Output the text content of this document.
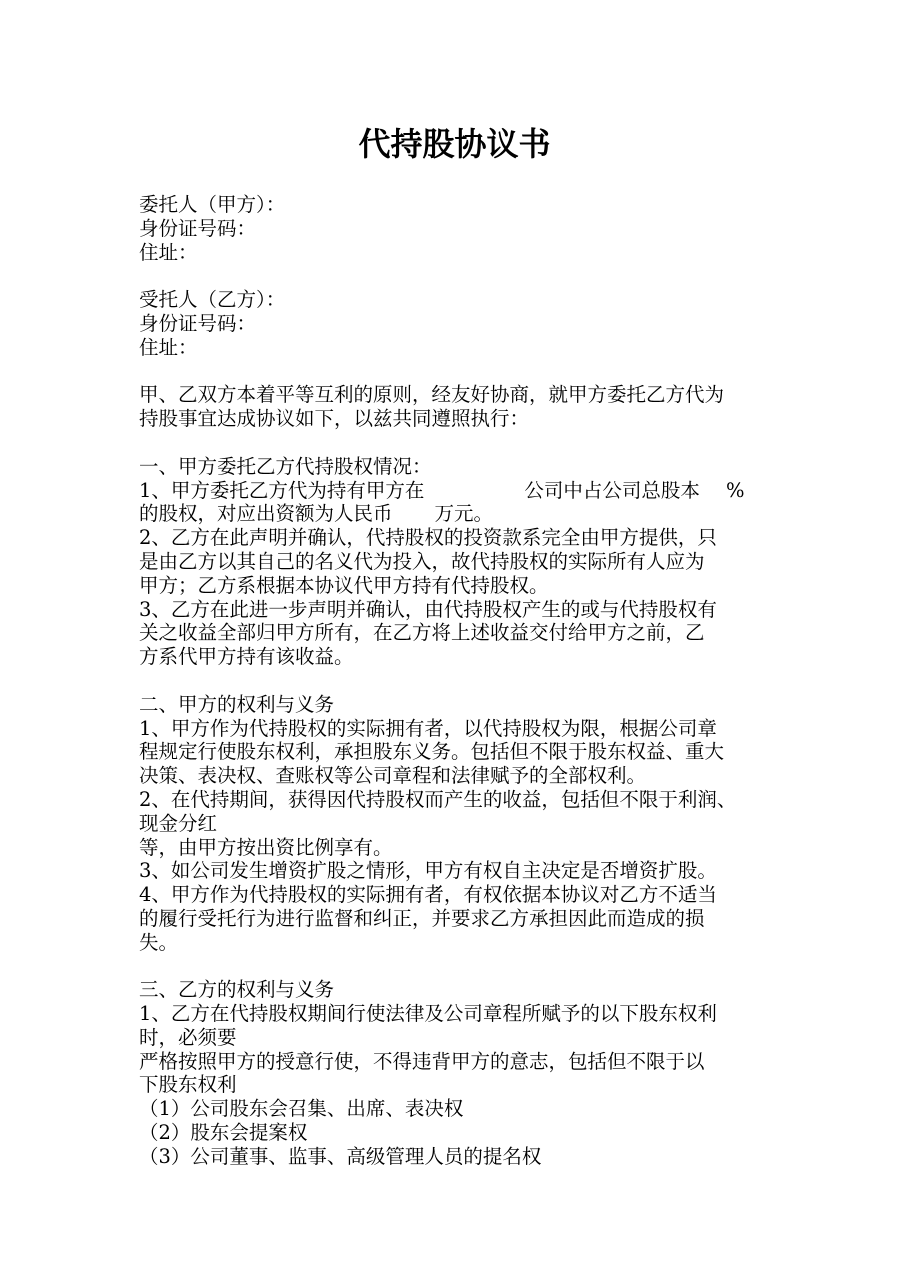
代持股协议书
委托人（甲方）：
身份证号码：
住址：
受托人（乙方）：
身份证号码：
住址：
甲、乙双方本着平等互利的原则，经友好协商，就甲方委托乙方代为
持股事宜达成协议如下，以兹共同遵照执行：
一、甲方委托乙方代持股权情况：
1、甲方委托乙方代为持有甲方在	公司中占公司总股本 %
的股权，对应出资额为人民币 万元。
2、乙方在此声明并确认，代持股权的投资款系完全由甲方提供，只
是由乙方以其自己的名义代为投入，故代持股权的实际所有人应为
甲方；乙方系根据本协议代甲方持有代持股权。
3、乙方在此进一步声明并确认，由代持股权产生的或与代持股权有
关之收益全部归甲方所有，在乙方将上述收益交付给甲方之前，乙
方系代甲方持有该收益。
二、甲方的权利与义务
1、甲方作为代持股权的实际拥有者，以代持股权为限，根据公司章
程规定行使股东权利，承担股东义务。包括但不限于股东权益、重大
决策、表决权、查账权等公司章程和法律赋予的全部权利。
2、在代持期间，获得因代持股权而产生的收益，包括但不限于利润、
现金分红
等，由甲方按出资比例享有。
3、如公司发生增资扩股之情形，甲方有权自主决定是否增资扩股。
4、甲方作为代持股权的实际拥有者，有权依据本协议对乙方不适当
的履行受托行为进行监督和纠正，并要求乙方承担因此而造成的损
失。
三、乙方的权利与义务
1、乙方在代持股权期间行使法律及公司章程所赋予的以下股东权利
时，必须要
严格按照甲方的授意行使，不得违背甲方的意志，包括但不限于以
下股东权利
（1）公司股东会召集、出席、表决权
（2）股东会提案权
（3）公司董事、监事、高级管理人员的提名权
